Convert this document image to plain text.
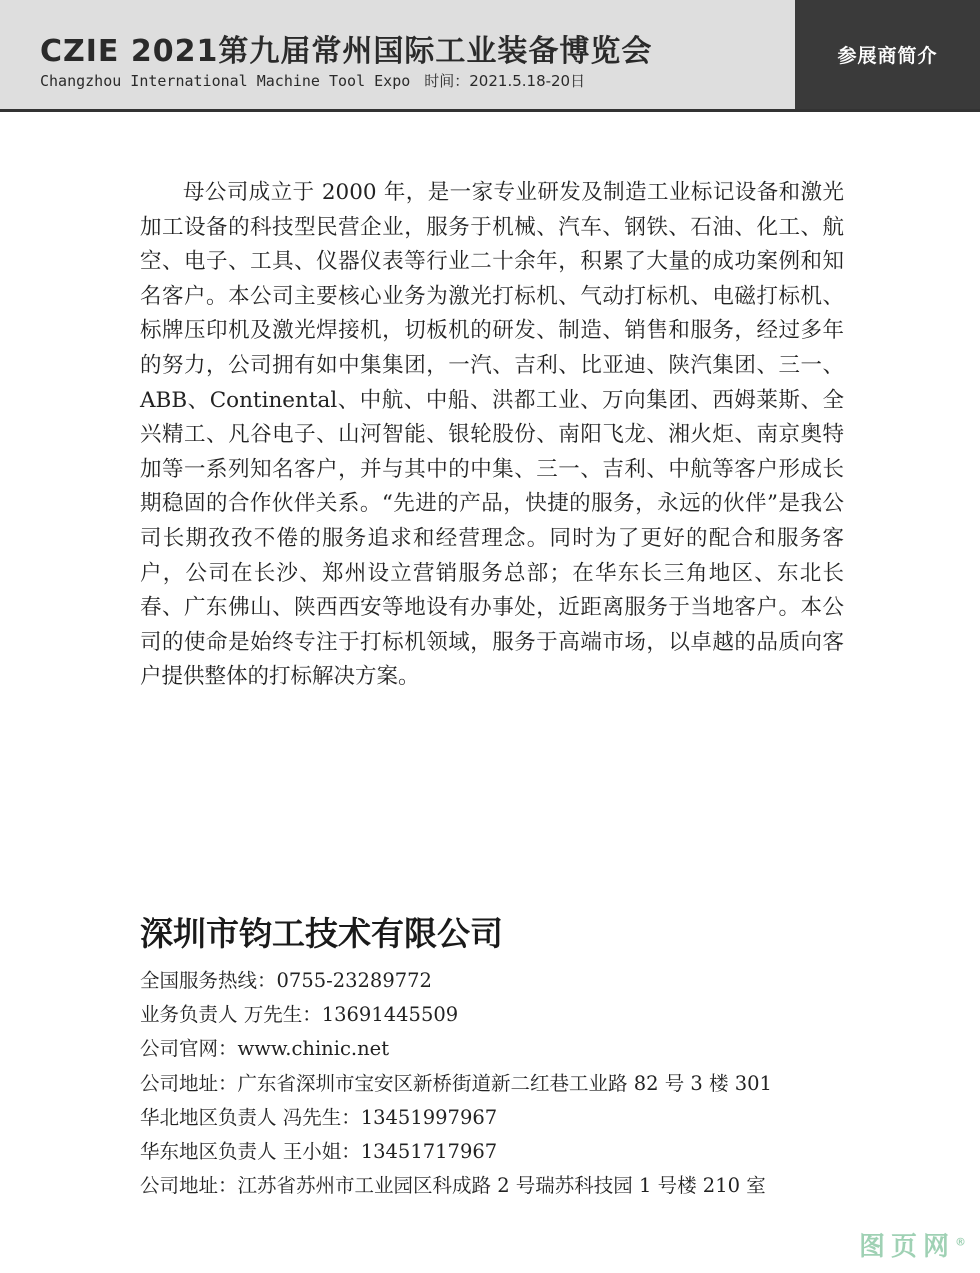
CZIE 2021第九届常州国际工业装备博览会
Changzhou International Machine Tool Expo 时间：2021.5.18-20日
参展商简介

母公司成立于 2000 年，是一家专业研发及制造工业标记设备和激光加工设备的科技型民营企业，服务于机械、汽车、钢铁、石油、化工、航空、电子、工具、仪器仪表等行业二十余年，积累了大量的成功案例和知名客户。本公司主要核心业务为激光打标机、气动打标机、电磁打标机、标牌压印机及激光焊接机，切板机的研发、制造、销售和服务，经过多年的努力，公司拥有如中集集团，一汽、吉利、比亚迪、陕汽集团、三一、ABB、Continental、中航、中船、洪都工业、万向集团、西姆莱斯、全兴精工、凡谷电子、山河智能、银轮股份、南阳飞龙、湘火炬、南京奥特加等一系列知名客户，并与其中的中集、三一、吉利、中航等客户形成长期稳固的合作伙伴关系。“先进的产品，快捷的服务，永远的伙伴”是我公司长期孜孜不倦的服务追求和经营理念。同时为了更好的配合和服务客户，公司在长沙、郑州设立营销服务总部；在华东长三角地区、东北长春、广东佛山、陕西西安等地设有办事处，近距离服务于当地客户。本公司的使命是始终专注于打标机领域，服务于高端市场，以卓越的品质向客户提供整体的打标解决方案。

深圳市钧工技术有限公司
全国服务热线：0755-23289772
业务负责人 万先生：13691445509
公司官网：www.chinic.net
公司地址：广东省深圳市宝安区新桥街道新二红巷工业路 82 号 3 楼 301
华北地区负责人 冯先生：13451997967
华东地区负责人 王小姐：13451717967
公司地址：江苏省苏州市工业园区科成路 2 号瑞苏科技园 1 号楼 210 室
图页网®
